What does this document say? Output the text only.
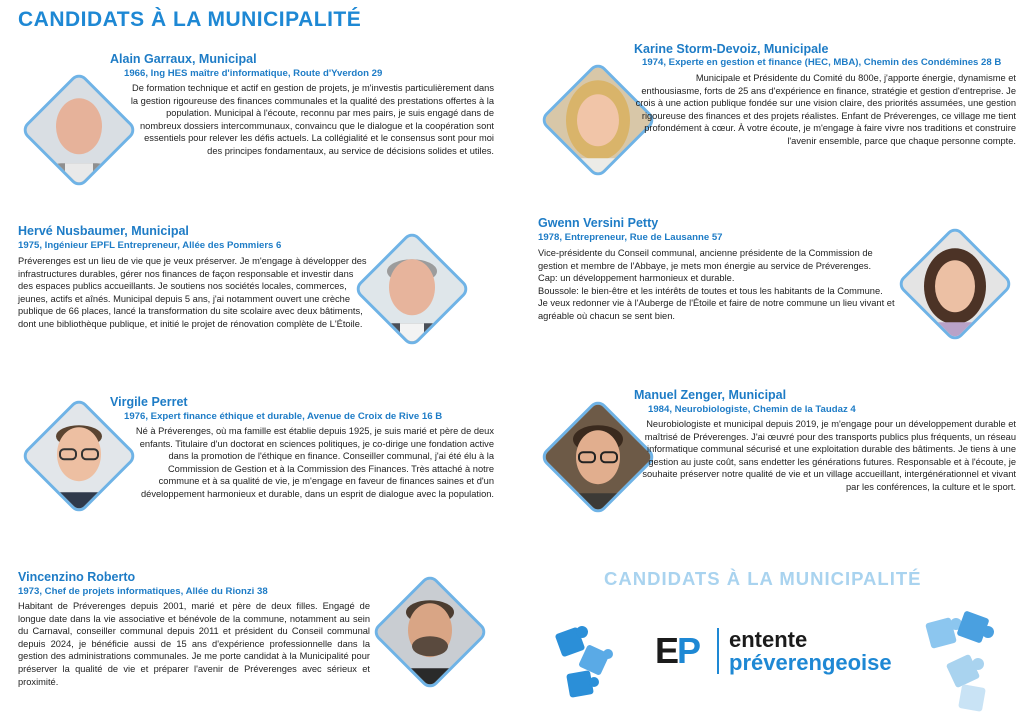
CANDIDATS À LA MUNICIPALITÉ
Alain Garraux, Municipal
1966, Ing HES maître d'informatique, Route d'Yverdon 29

De formation technique et actif en gestion de projets, je m'investis particulièrement dans la gestion rigoureuse des finances communales et la qualité des prestations offertes à la population. Municipal à l'écoute, reconnu par mes pairs, je suis engagé dans de nombreux dossiers intercommunaux, convaincu que le dialogue et la coopération sont essentiels pour relever les défis actuels. La collégialité et le consensus sont pour moi des principes fondamentaux, au service de décisions solides et utiles.

Karine Storm-Devoiz, Municipale
1974, Experte en gestion et finance (HEC, MBA), Chemin des Condémines 28 B

Municipale et Présidente du Comité du 800e, j'apporte énergie, dynamisme et enthousiasme, forts de 25 ans d'expérience en finance, stratégie et gestion d'entreprise. Je crois à une action publique fondée sur une vision claire, des priorités assumées, une gestion rigoureuse des finances et des projets réalistes. Enfant de Préverenges, ce village me tient profondément à cœur. À votre écoute, je m'engage à faire vivre nos traditions et construire l'avenir ensemble, parce que chaque personne compte.

Hervé Nusbaumer, Municipal
1975, Ingénieur EPFL Entrepreneur, Allée des Pommiers 6

Préverenges est un lieu de vie que je veux préserver. Je m'engage à développer des infrastructures durables, gérer nos finances de façon responsable et investir dans des espaces publics accueillants. Je soutiens nos sociétés locales, commerces, jeunes, actifs et aînés. Municipal depuis 5 ans, j'ai notamment ouvert une crèche publique de 66 places, lancé la transformation du site scolaire avec deux bâtiments, dont une bibliothèque publique, et initié le projet de rénovation complète de L'Étoile.

Gwenn Versini Petty
1978, Entrepreneur, Rue de Lausanne 57
Vice-présidente du Conseil communal, ancienne présidente de la Commission de gestion et membre de l'Abbaye, je mets mon énergie au service de Préverenges.
Cap: un développement harmonieux et durable.
Boussole: le bien-être et les intérêts de toutes et tous les habitants de la Commune.
Je veux redonner vie à l'Auberge de l'Étoile et faire de notre commune un lieu vivant et agréable où chacun se sent bien.
Virgile Perret
1976, Expert finance éthique et durable, Avenue de Croix de Rive 16 B

Né à Préverenges, où ma famille est établie depuis 1925, je suis marié et père de deux enfants. Titulaire d'un doctorat en sciences politiques, je co-dirige une fondation active dans la promotion de l'éthique en finance. Conseiller communal, j'ai été élu à la Commission de Gestion et à la Commission des Finances. Très attaché à notre commune et à sa qualité de vie, je m'engage en faveur de finances saines et d'un développement harmonieux et durable, dans un esprit de dialogue avec la population.

Manuel Zenger, Municipal
1984, Neurobiologiste, Chemin de la Taudaz 4

Neurobiologiste et municipal depuis 2019, je m'engage pour un développement durable et maîtrisé de Préverenges. J'ai œuvré pour des transports publics plus fréquents, un réseau informatique communal sécurisé et une exploitation durable des bâtiments. Je tiens à une gestion au juste coût, sans endetter les générations futures. Responsable et à l'écoute, je souhaite préserver notre qualité de vie et un village accueillant, intergénérationnel et vivant par les conférences, la culture et le sport.

Vincenzino Roberto
1973, Chef de projets informatiques, Allée du Rionzi 38

Habitant de Préverenges depuis 2001, marié et père de deux filles. Engagé de longue date dans la vie associative et bénévole de la commune, notamment au sein du Carnaval, conseiller communal depuis 2011 et président du Conseil communal depuis 2024, je bénéficie aussi de 15 ans d'expérience professionnelle dans la gestion des administrations communales. Je me porte candidat à la Municipalité pour préserver la qualité de vie et préparer l'avenir de Préverenges avec sérieux et proximité.

CANDIDATS À LA MUNICIPALITÉ
EP entente
préverengeoise
